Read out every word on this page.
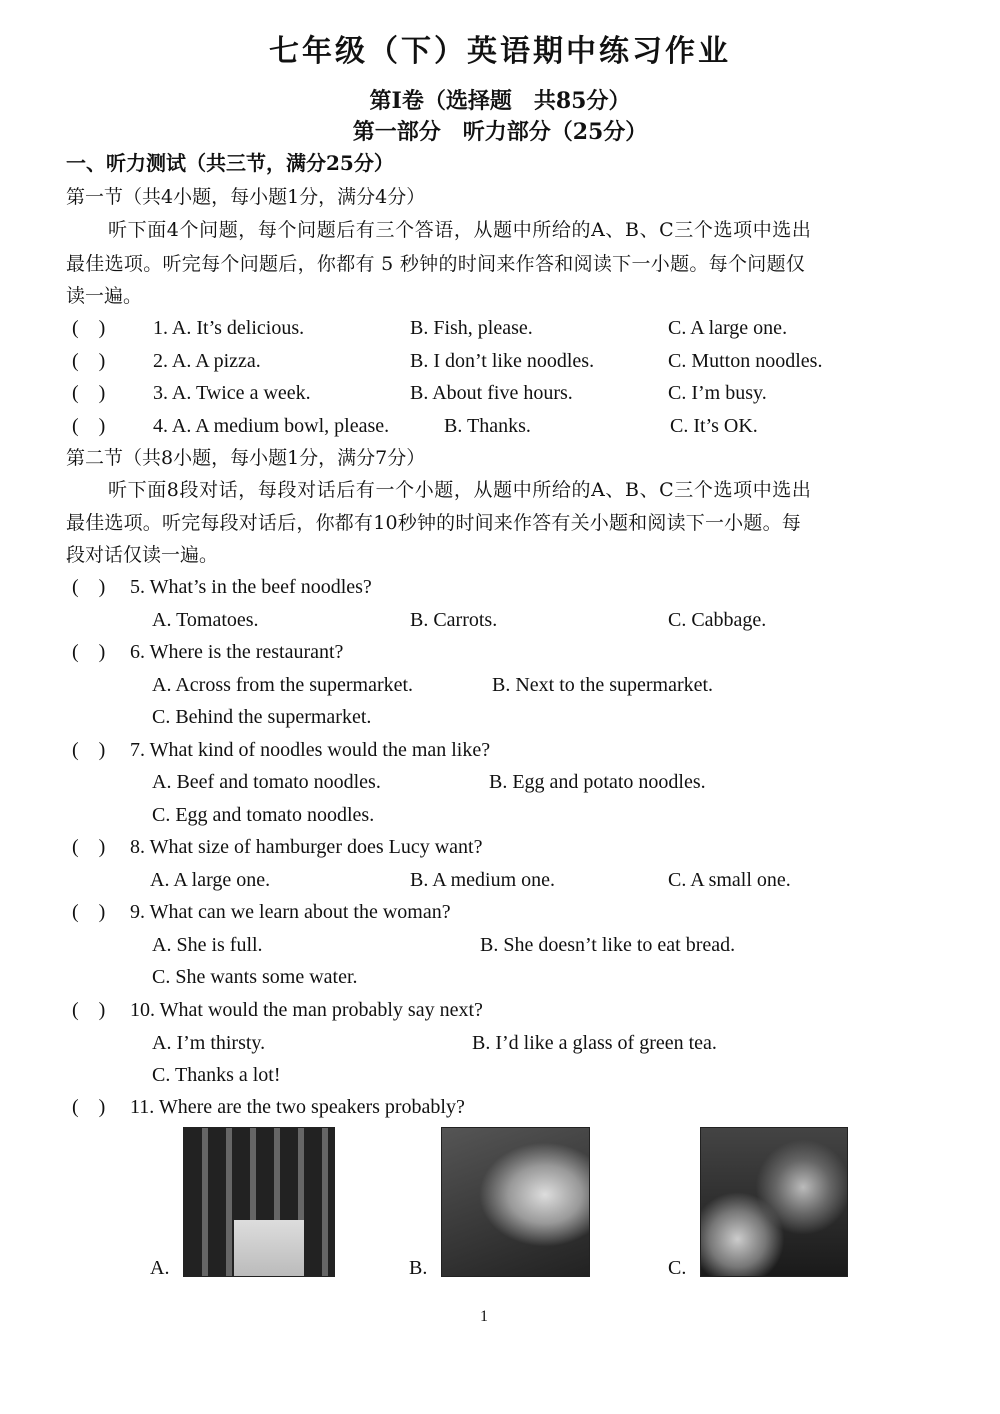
七年级（下）英语期中练习作业
第Ⅰ卷（选择题　共85分）
第一部分　听力部分（25分）
一、听力测试（共三节，满分25分）
第一节（共4小题，每小题1分，满分4分）
听下面4个问题，每个问题后有三个答语，从题中所给的A、B、C三个选项中选出
最佳选项。听完每个问题后，你都有 5 秒钟的时间来作答和阅读下一小题。每个问题仅
读一遍。
(　) 1. A. It’s delicious.	B. Fish, please.	C. A large one.
(　) 2. A. A pizza.	B. I don’t like noodles.	C. Mutton noodles.
(　) 3. A. Twice a week.	B. About five hours.	C. I’m busy.
(　) 4. A. A medium bowl, please.	B. Thanks.	C. It’s OK.
第二节（共8小题，每小题1分，满分7分）
听下面8段对话，每段对话后有一个小题，从题中所给的A、B、C三个选项中选出
最佳选项。听完每段对话后，你都有10秒钟的时间来作答有关小题和阅读下一小题。每
段对话仅读一遍。
(　) 5. What’s in the beef noodles?
A. Tomatoes.	B. Carrots.	C. Cabbage.
(　) 6. Where is the restaurant?
A. Across from the supermarket.	B. Next to the supermarket.
C. Behind the supermarket.
(　) 7. What kind of noodles would the man like?
A. Beef and tomato noodles.	B. Egg and potato noodles.
C. Egg and tomato noodles.
(　) 8. What size of hamburger does Lucy want?
A. A large one.	B. A medium one.	C. A small one.
(　) 9. What can we learn about the woman?
A. She is full.	B. She doesn’t like to eat bread.
C. She wants some water.
(　) 10. What would the man probably say next?
A. I’m thirsty.	B. I’d like a glass of green tea.
C. Thanks a lot!
(　) 11. Where are the two speakers probably?
A.	B.	C.
1
